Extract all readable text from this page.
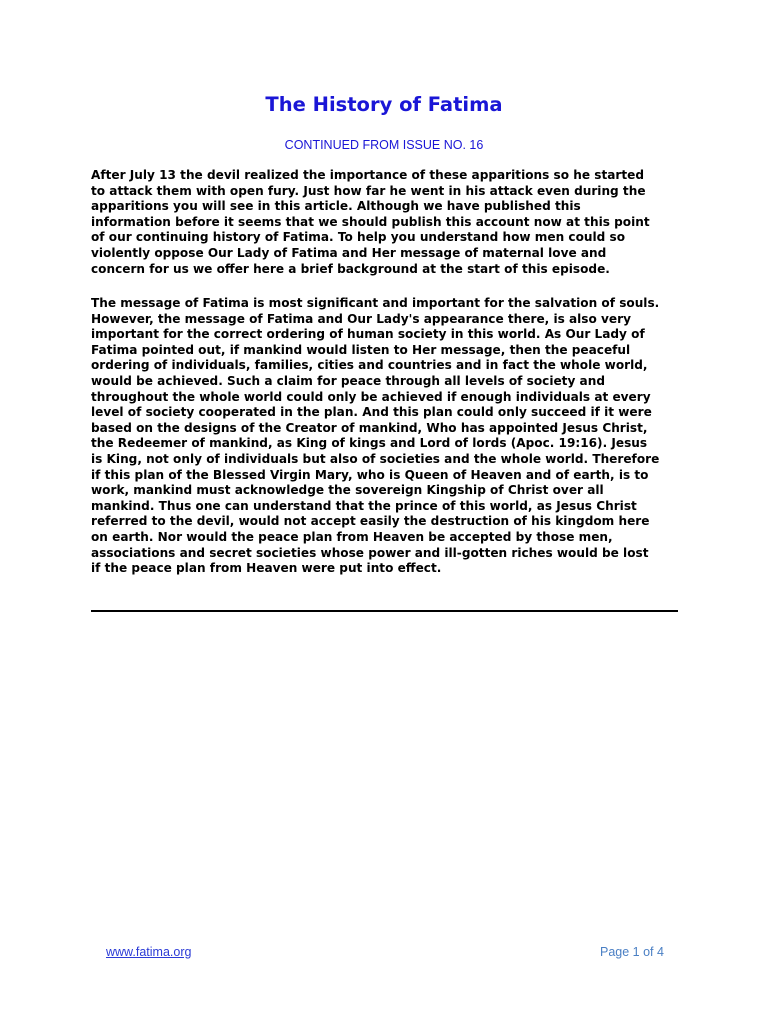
The History of Fatima

CONTINUED FROM ISSUE NO. 16

After July 13 the devil realized the importance of these apparitions so he started
to attack them with open fury. Just how far he went in his attack even during the
apparitions you will see in this article. Although we have published this
information before it seems that we should publish this account now at this point
of our continuing history of Fatima. To help you understand how men could so
violently oppose Our Lady of Fatima and Her message of maternal love and
concern for us we offer here a brief background at the start of this episode.
The message of Fatima is most significant and important for the salvation of souls.
However, the message of Fatima and Our Lady's appearance there, is also very
important for the correct ordering of human society in this world. As Our Lady of
Fatima pointed out, if mankind would listen to Her message, then the peaceful
ordering of individuals, families, cities and countries and in fact the whole world,
would be achieved. Such a claim for peace through all levels of society and
throughout the whole world could only be achieved if enough individuals at every
level of society cooperated in the plan. And this plan could only succeed if it were
based on the designs of the Creator of mankind, Who has appointed Jesus Christ,
the Redeemer of mankind, as King of kings and Lord of lords (Apoc. 19:16). Jesus
is King, not only of individuals but also of societies and the whole world. Therefore
if this plan of the Blessed Virgin Mary, who is Queen of Heaven and of earth, is to
work, mankind must acknowledge the sovereign Kingship of Christ over all
mankind. Thus one can understand that the prince of this world, as Jesus Christ
referred to the devil, would not accept easily the destruction of his kingdom here
on earth. Nor would the peace plan from Heaven be accepted by those men,
associations and secret societies whose power and ill-gotten riches would be lost
if the peace plan from Heaven were put into effect.
www.fatima.org	Page 1 of 4
